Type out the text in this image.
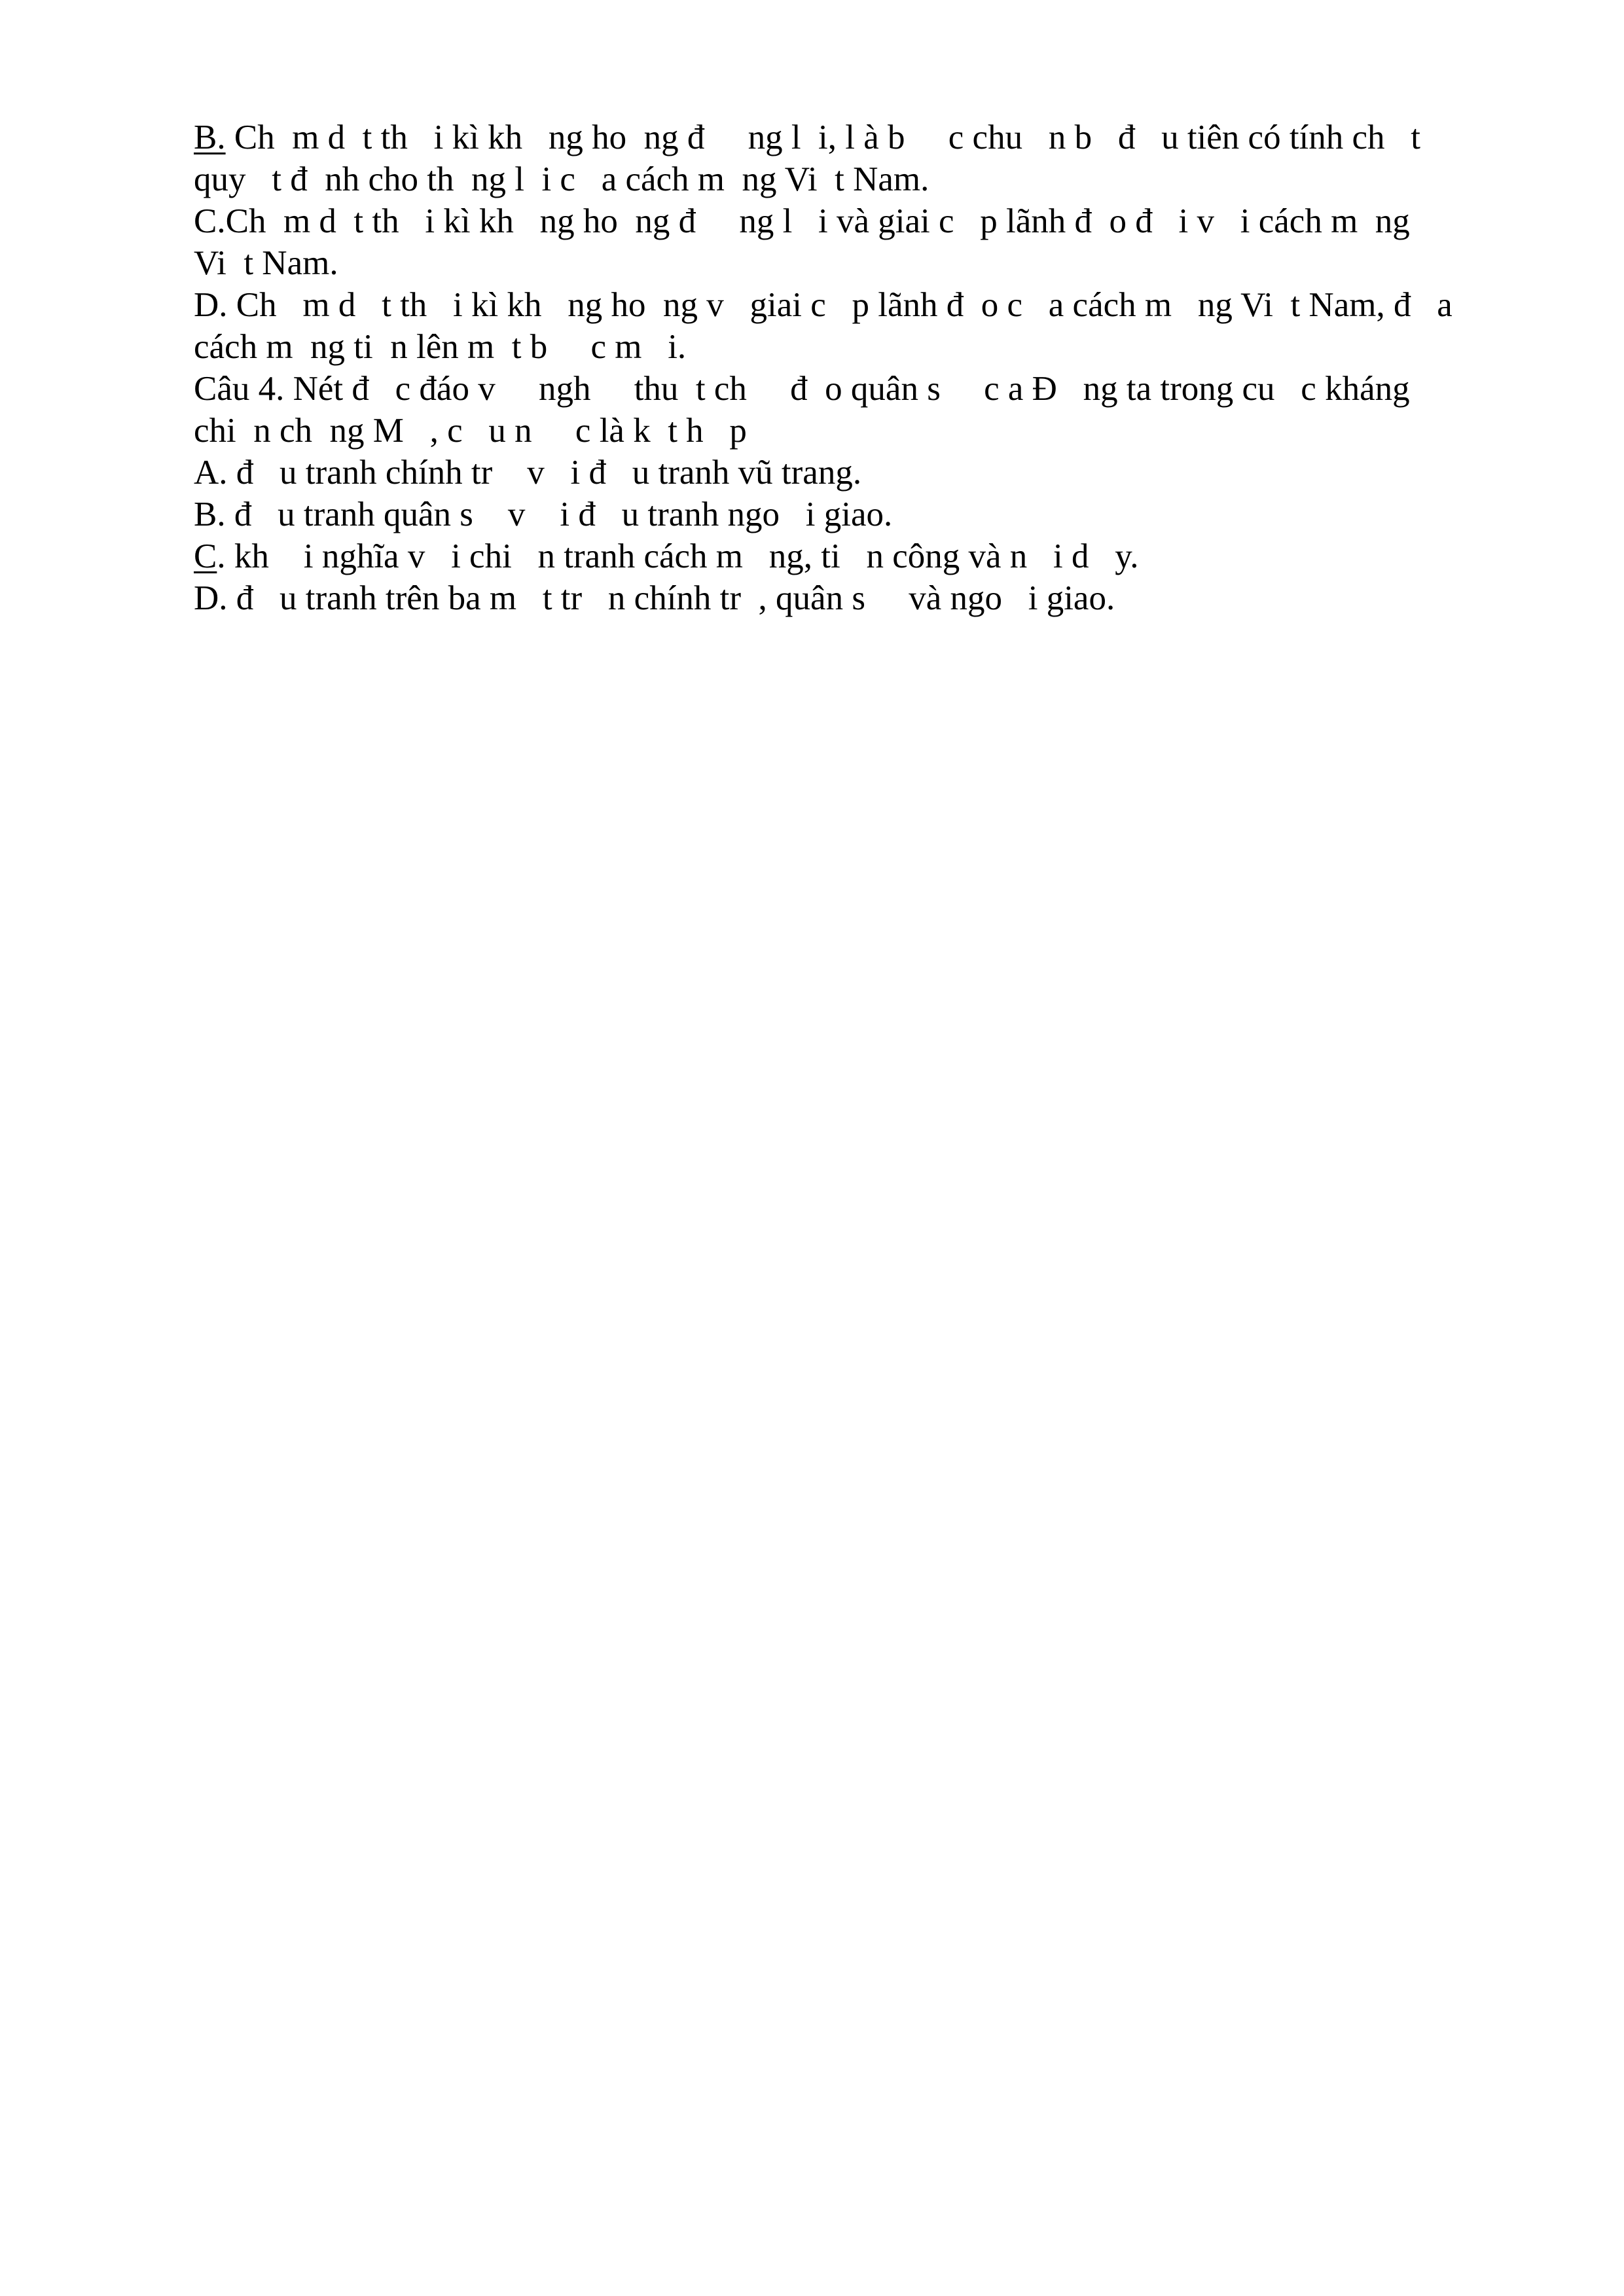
B. Ch  m d  t th   i kì kh   ng ho  ng đ     ng l  i, l à b     c chu   n b   đ   u tiên có tính ch   t
quy   t đ  nh cho th  ng l  i c   a cách m  ng Vi  t Nam.
C.Ch  m d  t th   i kì kh   ng ho  ng đ     ng l   i và giai c   p lãnh đ  o đ   i v   i cách m  ng
Vi  t Nam.
D. Ch   m d   t th   i kì kh   ng ho  ng v   giai c   p lãnh đ  o c   a cách m   ng Vi  t Nam, đ   a
cách m  ng ti  n lên m  t b     c m   i.
Câu 4. Nét đ   c đáo v     ngh     thu  t ch     đ  o quân s     c a Đ   ng ta trong cu   c kháng
chi  n ch  ng M   , c   u n     c là k  t h   p
A. đ   u tranh chính tr    v   i đ   u tranh vũ trang.
B. đ   u tranh quân s    v    i đ   u tranh ngo   i giao.
C. kh    i nghĩa v   i chi   n tranh cách m   ng, ti   n công và n   i d   y.
D. đ   u tranh trên ba m   t tr   n chính tr  , quân s     và ngo   i giao.
